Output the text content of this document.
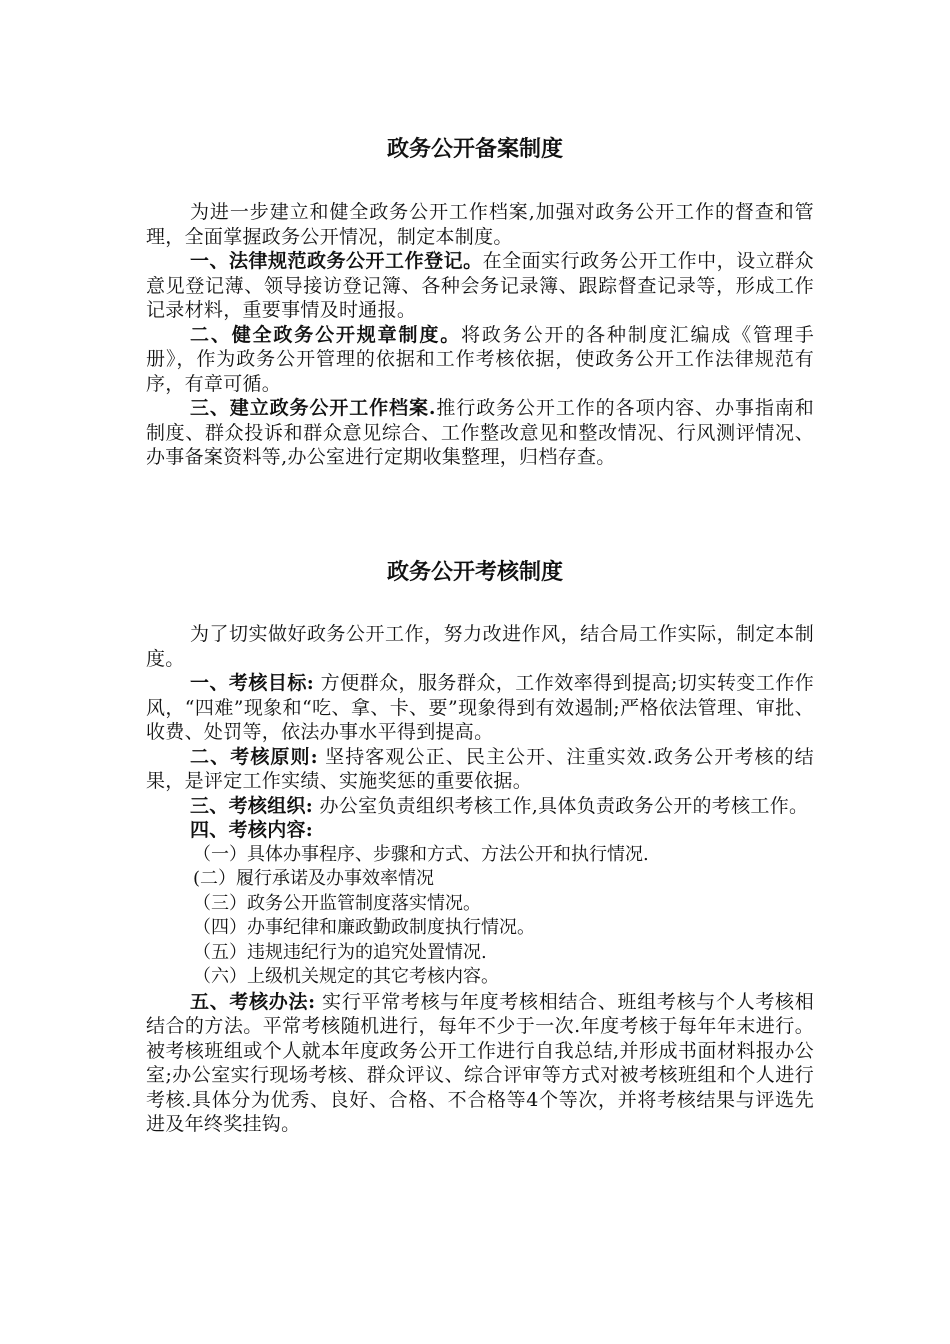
政务公开备案制度

为进一步建立和健全政务公开工作档案,加强对政务公开工作的督查和管理，全面掌握政务公开情况，制定本制度。

一、法律规范政务公开工作登记。在全面实行政务公开工作中，设立群众意见登记薄、领导接访登记簿、各种会务记录簿、跟踪督查记录等，形成工作记录材料，重要事情及时通报。

二、健全政务公开规章制度。将政务公开的各种制度汇编成《管理手册》，作为政务公开管理的依据和工作考核依据，使政务公开工作法律规范有序，有章可循。

三、建立政务公开工作档案.推行政务公开工作的各项内容、办事指南和制度、群众投诉和群众意见综合、工作整改意见和整改情况、行风测评情况、办事备案资料等,办公室进行定期收集整理，归档存查。

政务公开考核制度

为了切实做好政务公开工作，努力改进作风，结合局工作实际，制定本制度。

一、考核目标: 方便群众，服务群众，工作效率得到提高;切实转变工作作风，“四难”现象和“吃、拿、卡、要”现象得到有效遏制;严格依法管理、审批、收费、处罚等，依法办事水平得到提高。

二、考核原则: 坚持客观公正、民主公开、注重实效.政务公开考核的结果，是评定工作实绩、实施奖惩的重要依据。

三、考核组织: 办公室负责组织考核工作,具体负责政务公开的考核工作。

四、考核内容:

（一）具体办事程序、步骤和方式、方法公开和执行情况.

(二）履行承诺及办事效率情况

（三）政务公开监管制度落实情况。

（四）办事纪律和廉政勤政制度执行情况。

（五）违规违纪行为的追究处置情况.

（六）上级机关规定的其它考核内容。

五、考核办法: 实行平常考核与年度考核相结合、班组考核与个人考核相结合的方法。平常考核随机进行，每年不少于一次.年度考核于每年年末进行。被考核班组或个人就本年度政务公开工作进行自我总结,并形成书面材料报办公室;办公室实行现场考核、群众评议、综合评审等方式对被考核班组和个人进行考核.具体分为优秀、良好、合格、不合格等4个等次，并将考核结果与评选先进及年终奖挂钩。
